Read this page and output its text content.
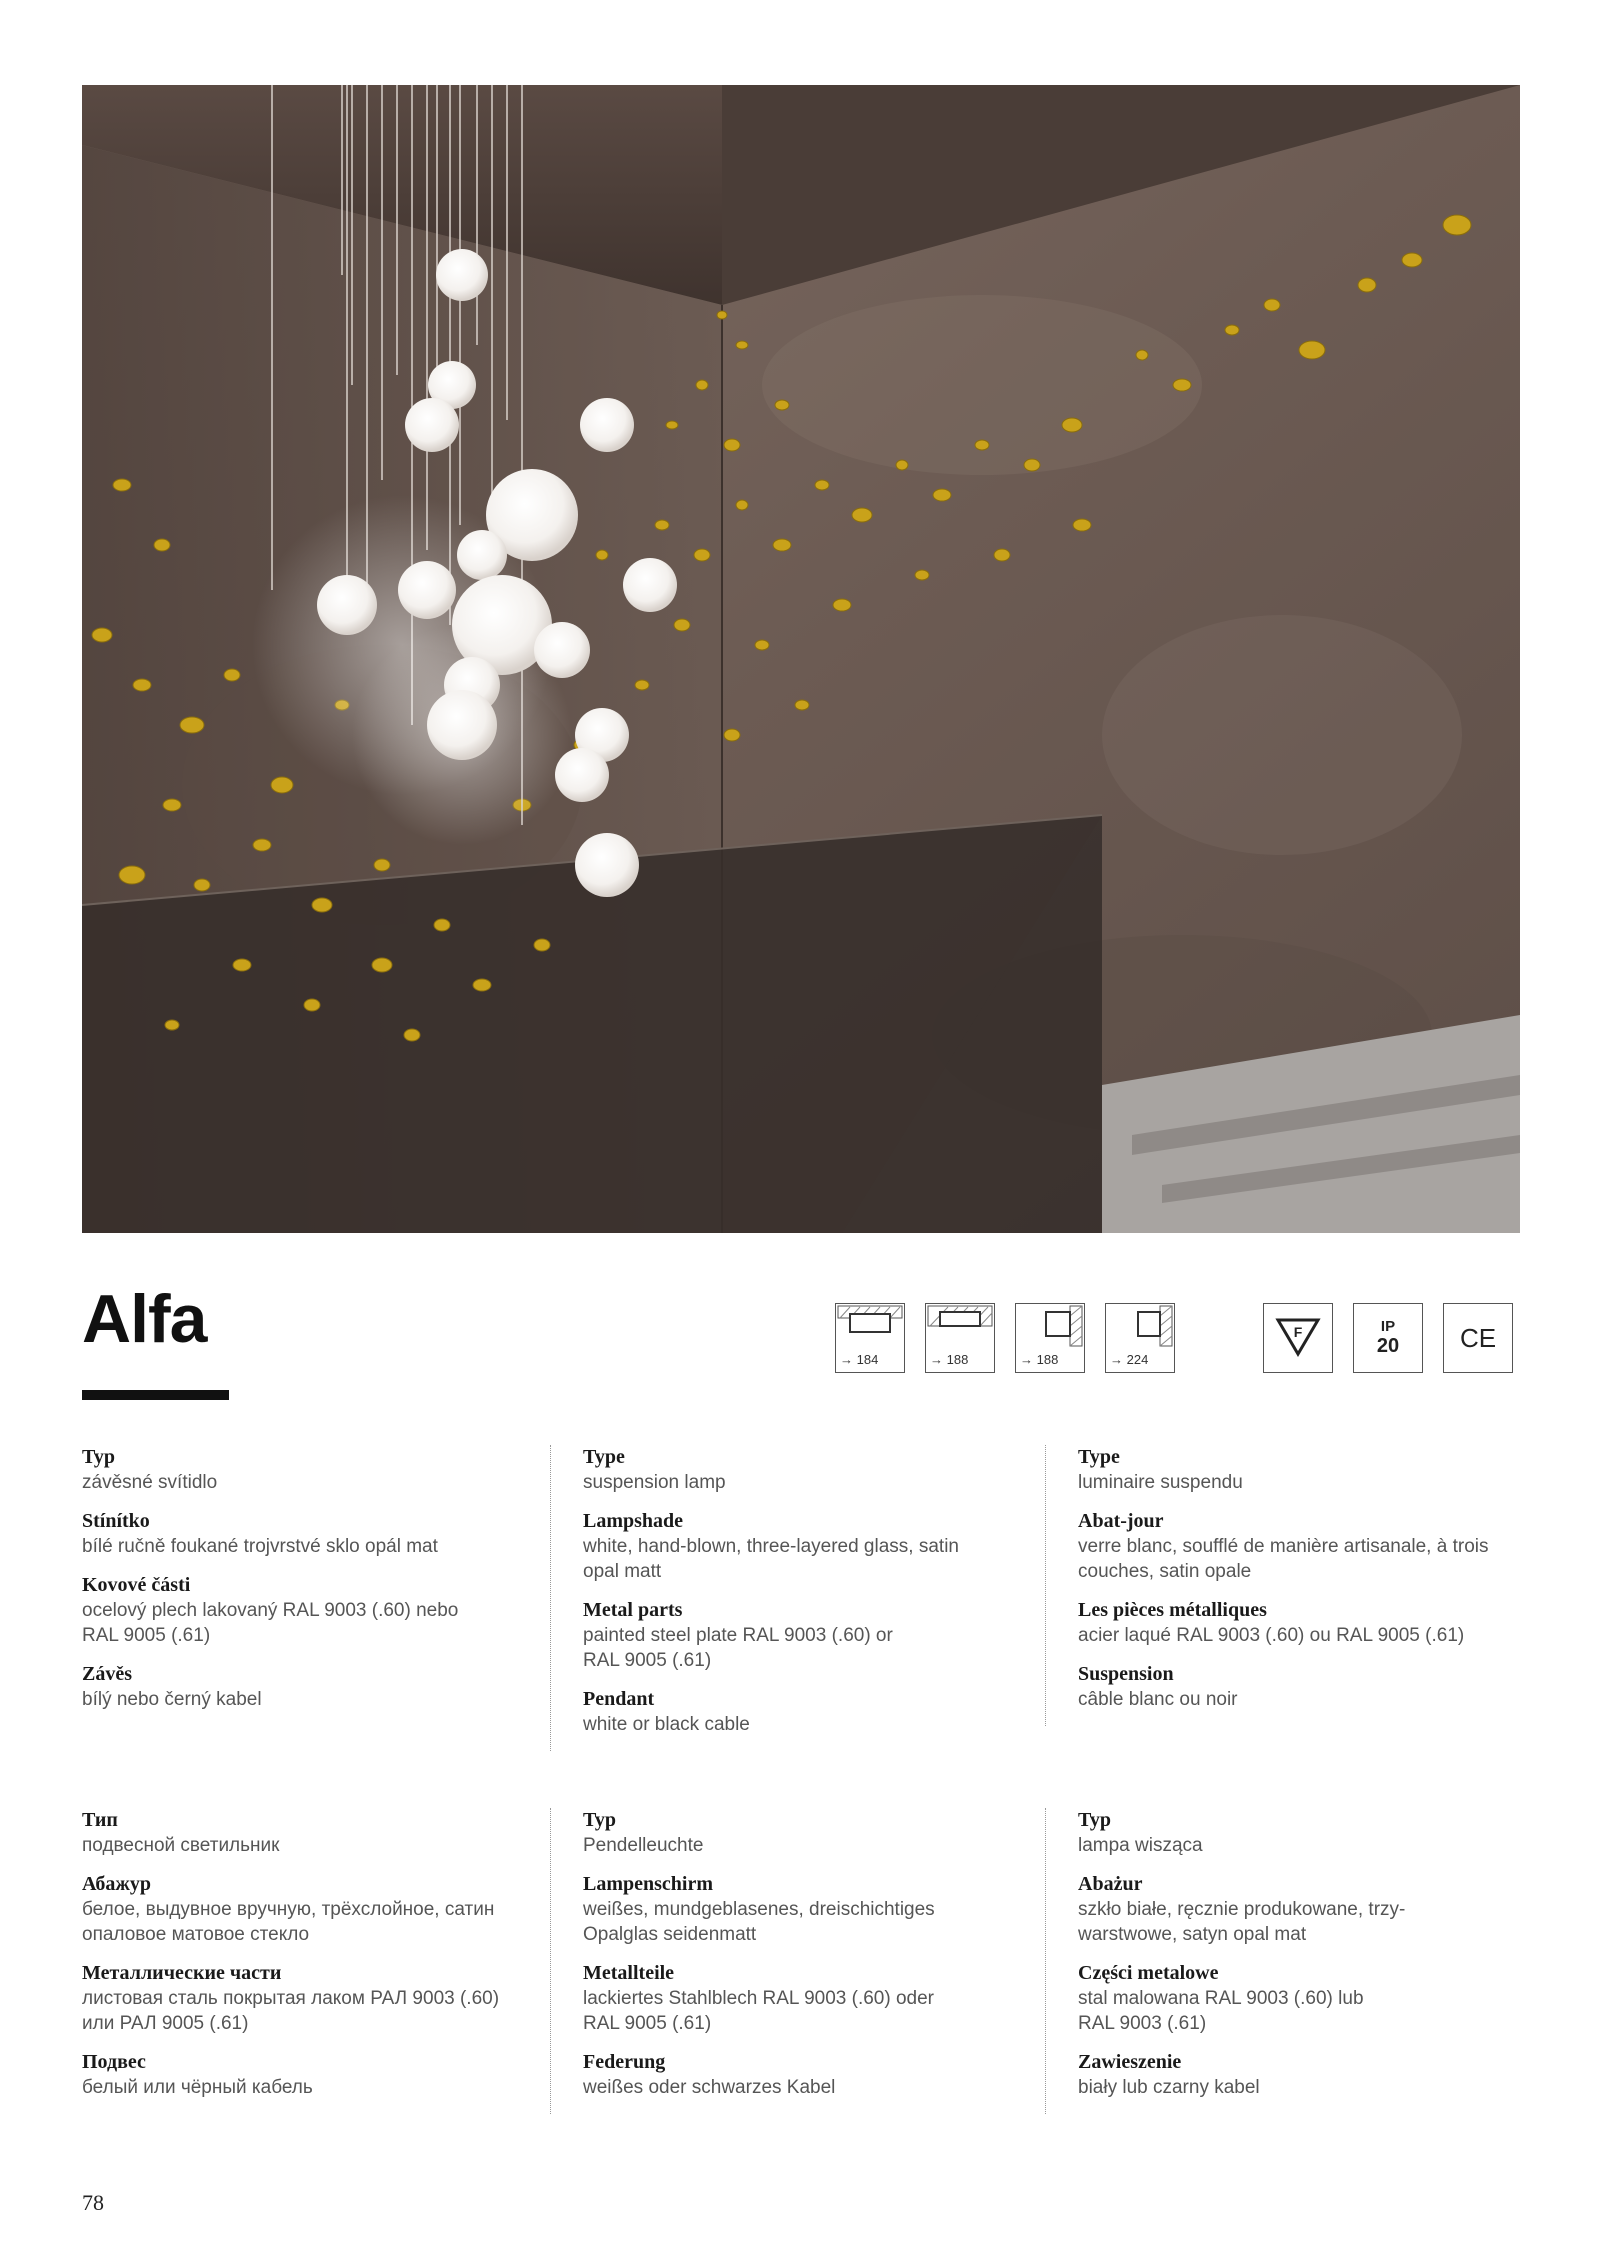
Alfa
→ 184	→ 188	→ 188	→ 224
F	IP
20	CE
Typ
závěsné svítidlo
Stínítko
bílé ručně foukané trojvrstvé sklo opál mat
Kovové části
ocelový plech lakovaný RAL 9003 (.60) nebo RAL 9005 (.61)
Závěs
bílý nebo černý kabel
Type
suspension lamp
Lampshade
white, hand-blown, three-layered glass, satin opal matt
Metal parts
painted steel plate RAL 9003 (.60) or RAL 9005 (.61)
Pendant
white or black cable
Type
luminaire suspendu
Abat-jour
verre blanc, soufflé de manière artisanale, à trois couches, satin opale
Les pièces métalliques
acier laqué RAL 9003 (.60) ou RAL 9005 (.61)
Suspension
câble blanc ou noir
Тип
подвесной светильник
Абажур
белое, выдувное вручную, трёхслойное, сатин опаловое матовое стекло
Металлические части
листовая сталь покрытая лаком РАЛ 9003 (.60) или РАЛ 9005 (.61)
Подвес
белый или чёрный кабель
Typ
Pendelleuchte
Lampenschirm
weißes, mundgeblasenes, dreischichtiges Opalglas seidenmatt
Metallteile
lackiertes Stahlblech RAL 9003 (.60) oder RAL 9005 (.61)
Federung
weißes oder schwarzes Kabel
Typ
lampa wisząca
Abażur
szkło białe, ręcznie produkowane, trzy-warstwowe, satyn opal mat
Części metalowe
stal malowana RAL 9003 (.60) lub RAL 9003 (.61)
Zawieszenie
biały lub czarny kabel
78
